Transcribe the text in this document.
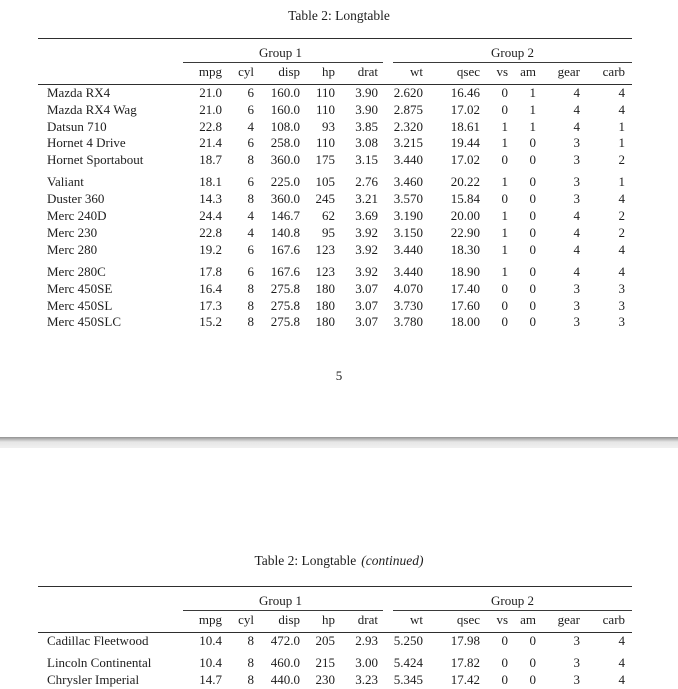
Table 2: Longtable
	Group 1					Group 2					
	mpg	cyl	disp	hp	drat	wt	qsec	vs	am	gear	carb
Mazda RX4	21.0	6	160.0	110	3.90	2.620	16.46	0	1	4	4
Mazda RX4 Wag	21.0	6	160.0	110	3.90	2.875	17.02	0	1	4	4
Datsun 710	22.8	4	108.0	93	3.85	2.320	18.61	1	1	4	1
Hornet 4 Drive	21.4	6	258.0	110	3.08	3.215	19.44	1	0	3	1
Hornet Sportabout	18.7	8	360.0	175	3.15	3.440	17.02	0	0	3	2
Valiant	18.1	6	225.0	105	2.76	3.460	20.22	1	0	3	1
Duster 360	14.3	8	360.0	245	3.21	3.570	15.84	0	0	3	4
Merc 240D	24.4	4	146.7	62	3.69	3.190	20.00	1	0	4	2
Merc 230	22.8	4	140.8	95	3.92	3.150	22.90	1	0	4	2
Merc 280	19.2	6	167.6	123	3.92	3.440	18.30	1	0	4	4
Merc 280C	17.8	6	167.6	123	3.92	3.440	18.90	1	0	4	4
Merc 450SE	16.4	8	275.8	180	3.07	4.070	17.40	0	0	3	3
Merc 450SL	17.3	8	275.8	180	3.07	3.730	17.60	0	0	3	3
Merc 450SLC	15.2	8	275.8	180	3.07	3.780	18.00	0	0	3	3
5
Table 2: Longtable (continued)
	Group 1					Group 2					
	mpg	cyl	disp	hp	drat	wt	qsec	vs	am	gear	carb
Cadillac Fleetwood	10.4	8	472.0	205	2.93	5.250	17.98	0	0	3	4
Lincoln Continental	10.4	8	460.0	215	3.00	5.424	17.82	0	0	3	4
Chrysler Imperial	14.7	8	440.0	230	3.23	5.345	17.42	0	0	3	4
